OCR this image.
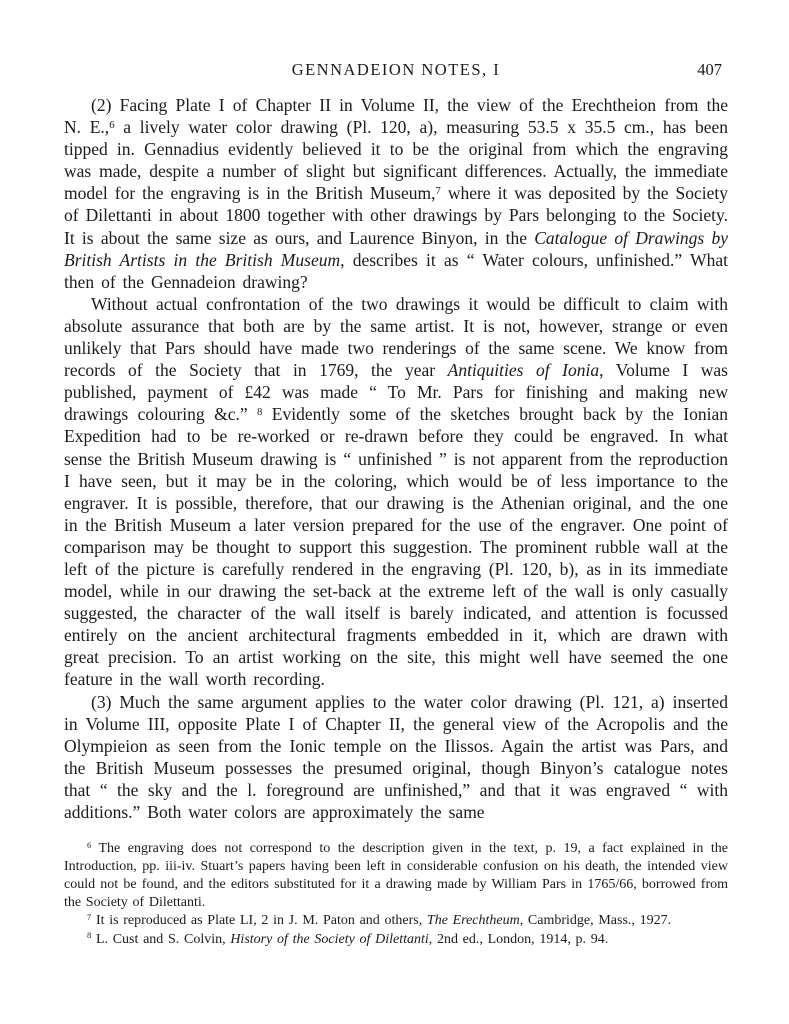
GENNADEION NOTES, I	407

(2) Facing Plate I of Chapter II in Volume II, the view of the Erechtheion from the N. E.,$^6$ a lively water color drawing (Pl. 120, a), measuring 53.5 x 35.5 cm., has been tipped in. Gennadius evidently believed it to be the original from which the engraving was made, despite a number of slight but significant differences. Actually, the immediate model for the engraving is in the British Museum,$^7$ where it was deposited by the Society of Dilettanti in about 1800 together with other drawings by Pars belonging to the Society. It is about the same size as ours, and Laurence Binyon, in the Catalogue of Drawings by British Artists in the British Museum, describes it as “ Water colours, unfinished.” What then of the Gennadeion drawing?

Without actual confrontation of the two drawings it would be difficult to claim with absolute assurance that both are by the same artist. It is not, however, strange or even unlikely that Pars should have made two renderings of the same scene. We know from records of the Society that in 1769, the year Antiquities of Ionia, Volume I was published, payment of £42 was made “ To Mr. Pars for finishing and making new drawings colouring &c.” $^8$ Evidently some of the sketches brought back by the Ionian Expedition had to be re-worked or re-drawn before they could be engraved. In what sense the British Museum drawing is “ unfinished ” is not apparent from the reproduction I have seen, but it may be in the coloring, which would be of less importance to the engraver. It is possible, therefore, that our drawing is the Athenian original, and the one in the British Museum a later version prepared for the use of the engraver. One point of comparison may be thought to support this suggestion. The prominent rubble wall at the left of the picture is carefully rendered in the engraving (Pl. 120, b), as in its immediate model, while in our drawing the set-back at the extreme left of the wall is only casually suggested, the character of the wall itself is barely indicated, and attention is focussed entirely on the ancient architectural fragments embedded in it, which are drawn with great precision. To an artist working on the site, this might well have seemed the one feature in the wall worth recording.

(3) Much the same argument applies to the water color drawing (Pl. 121, a) inserted in Volume III, opposite Plate I of Chapter II, the general view of the Acropolis and the Olympieion as seen from the Ionic temple on the Ilissos. Again the artist was Pars, and the British Museum possesses the presumed original, though Binyon’s catalogue notes that “ the sky and the l. foreground are unfinished,” and that it was engraved “ with additions.” Both water colors are approximately the same

$^6$ The engraving does not correspond to the description given in the text, p. 19, a fact explained in the Introduction, pp. iii-iv. Stuart’s papers having been left in considerable confusion on his death, the intended view could not be found, and the editors substituted for it a drawing made by William Pars in 1765/66, borrowed from the Society of Dilettanti.

$^7$ It is reproduced as Plate LI, 2 in J. M. Paton and others, The Erechtheum, Cambridge, Mass., 1927.

$^8$ L. Cust and S. Colvin, History of the Society of Dilettanti, 2nd ed., London, 1914, p. 94.
